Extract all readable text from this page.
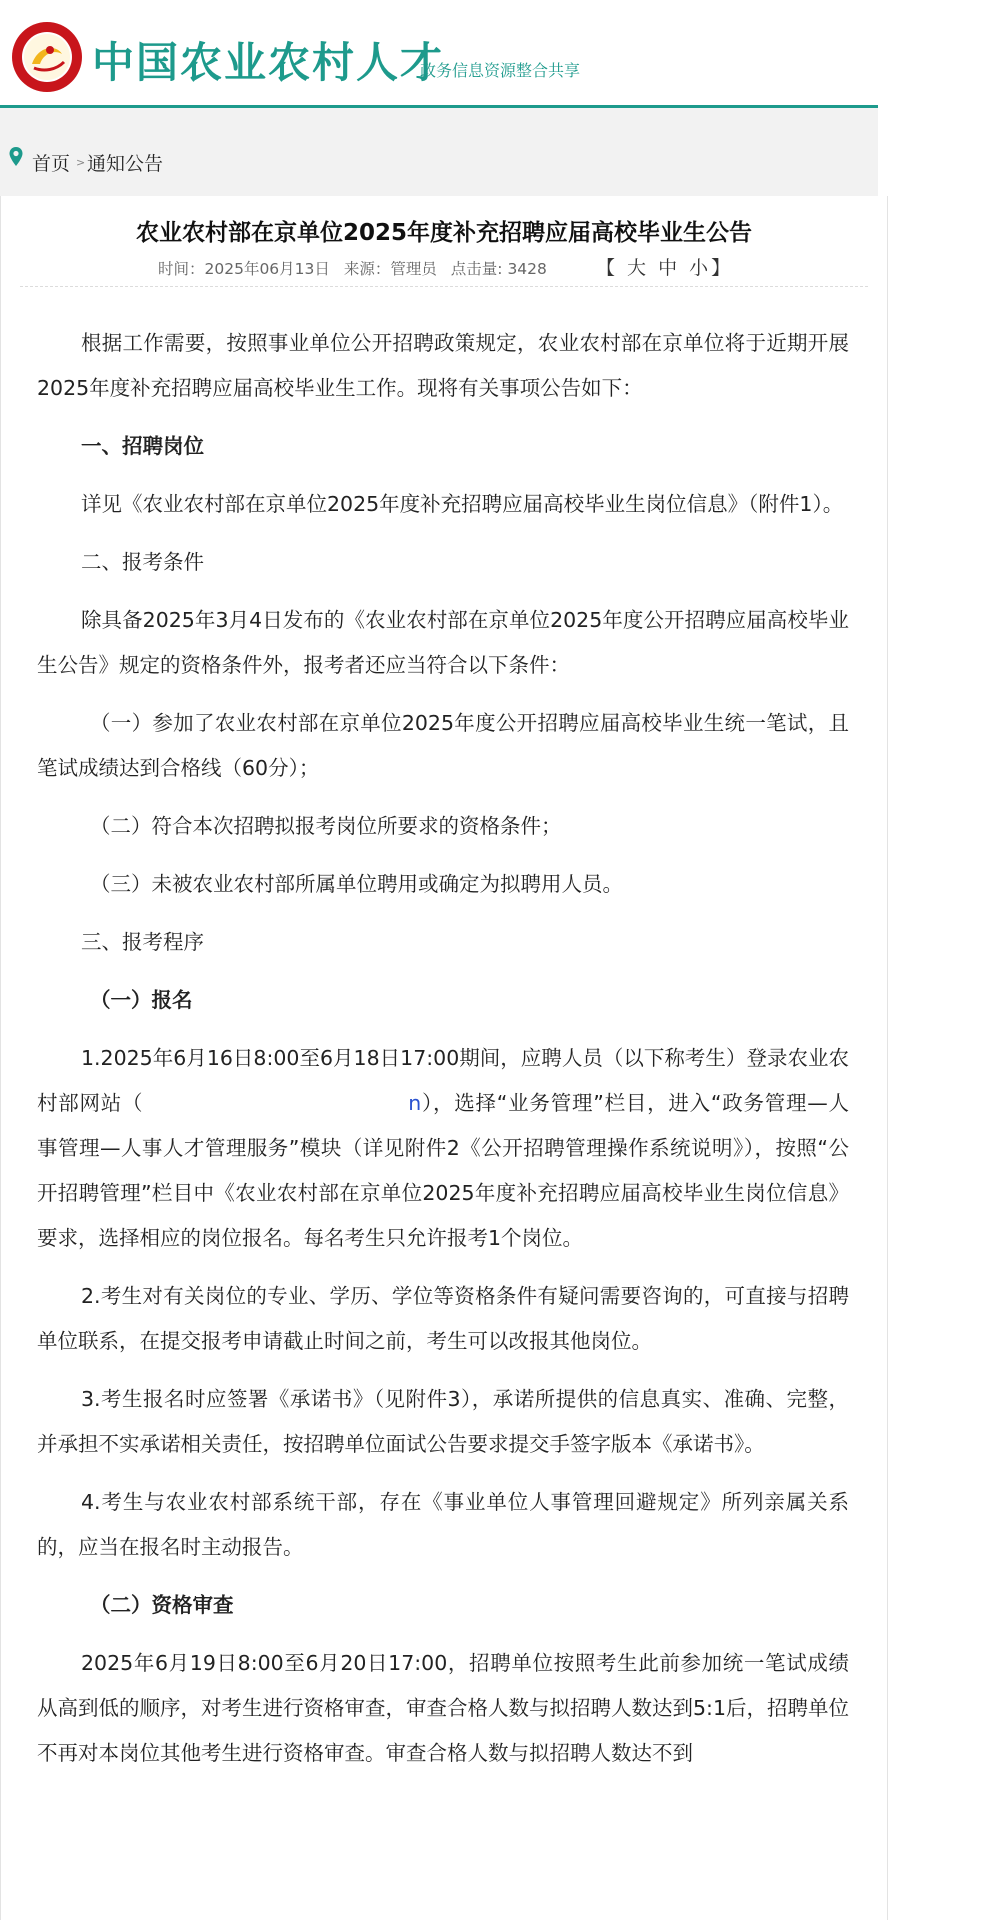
中国农业农村人才
政务信息资源整合共享
首页 > 通知公告
农业农村部在京单位2025年度补充招聘应届高校毕业生公告
时间：2025年06月13日 来源：管理员 点击量: 3428	【 大 中 小】

根据工作需要，按照事业单位公开招聘政策规定，农业农村部在京单位将于近期开展2025年度补充招聘应届高校毕业生工作。现将有关事项公告如下：

一、招聘岗位

详见《农业农村部在京单位2025年度补充招聘应届高校毕业生岗位信息》（附件1）。

二、报考条件

除具备2025年3月4日发布的《农业农村部在京单位2025年度公开招聘应届高校毕业生公告》规定的资格条件外，报考者还应当符合以下条件：

（一）参加了农业农村部在京单位2025年度公开招聘应届高校毕业生统一笔试，且笔试成绩达到合格线（60分）；

（二）符合本次招聘拟报考岗位所要求的资格条件；

（三）未被农业农村部所属单位聘用或确定为拟聘用人员。

三、报考程序

（一）报名

1.2025年6月16日8:00至6月18日17:00期间，应聘人员（以下称考生）登录农业农村部网站（ h	n），选择“业务管理”栏目，进入“政务管理—人事管理—人事人才管理服务”模块（详见附件2《公开招聘管理操作系统说明》），按照“公开招聘管理”栏目中《农业农村部在京单位2025年度补充招聘应届高校毕业生岗位信息》要求，选择相应的岗位报名。每名考生只允许报考1个岗位。

2.考生对有关岗位的专业、学历、学位等资格条件有疑问需要咨询的，可直接与招聘单位联系，在提交报考申请截止时间之前，考生可以改报其他岗位。

3.考生报名时应签署《承诺书》（见附件3），承诺所提供的信息真实、准确、完整，并承担不实承诺相关责任，按招聘单位面试公告要求提交手签字版本《承诺书》。

4.考生与农业农村部系统干部，存在《事业单位人事管理回避规定》所列亲属关系的，应当在报名时主动报告。

（二）资格审查

2025年6月19日8:00至6月20日17:00，招聘单位按照考生此前参加统一笔试成绩从高到低的顺序，对考生进行资格审查，审查合格人数与拟招聘人数达到5:1后，招聘单位不再对本岗位其他考生进行资格审查。审查合格人数与拟招聘人数达不到
